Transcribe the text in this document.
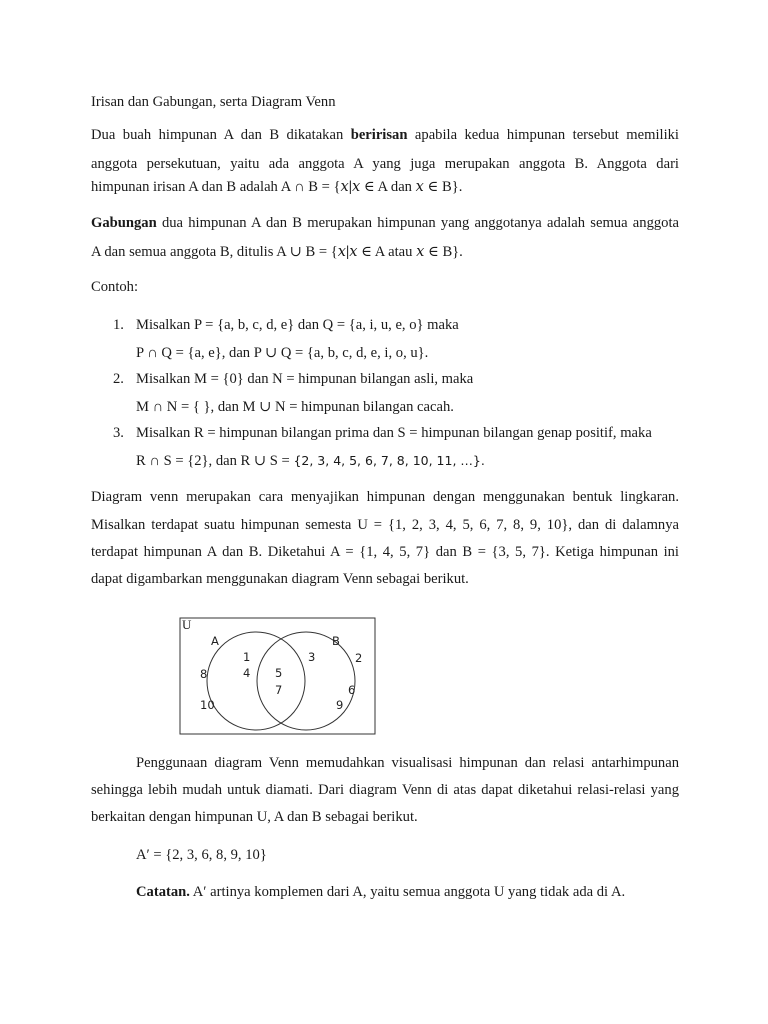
Irisan dan Gabungan, serta Diagram Venn
Dua buah himpunan A dan B dikatakan beririsan apabila kedua himpunan tersebut memiliki
anggota persekutuan, yaitu ada anggota A yang juga merupakan anggota B. Anggota dari
himpunan irisan A dan B adalah A ∩ B = {x|x ∈ A dan x ∈ B}.
Gabungan dua himpunan A dan B merupakan himpunan yang anggotanya adalah semua anggota
A dan semua anggota B, ditulis A ∪ B = {x|x ∈ A atau x ∈ B}.
Contoh:
1. Misalkan P = {a, b, c, d, e} dan Q = {a, i, u, e, o} maka
P ∩ Q = {a, e}, dan P ∪ Q = {a, b, c, d, e, i, o, u}.
2. Misalkan M = {0} dan N = himpunan bilangan asli, maka
M ∩ N = { }, dan M ∪ N = himpunan bilangan cacah.
3. Misalkan R = himpunan bilangan prima dan S = himpunan bilangan genap positif, maka
R ∩ S = {2}, dan R ∪ S = {2, 3, 4, 5, 6, 7, 8, 10, 11, …}.
Diagram venn merupakan cara menyajikan himpunan dengan menggunakan bentuk lingkaran.
Misalkan terdapat suatu himpunan semesta U = {1, 2, 3, 4, 5, 6, 7, 8, 9, 10}, dan di dalamnya
terdapat himpunan A dan B. Diketahui A = {1, 4, 5, 7} dan B = {3, 5, 7}. Ketiga himpunan ini
dapat digambarkan menggunakan diagram Venn sebagai berikut.
U
A	B
1
4 5
7
3
8
2
6
10	9
Penggunaan diagram Venn memudahkan visualisasi himpunan dan relasi antarhimpunan
sehingga lebih mudah untuk diamati. Dari diagram Venn di atas dapat diketahui relasi-relasi yang
berkaitan dengan himpunan U, A dan B sebagai berikut.
A′ = {2, 3, 6, 8, 9, 10}
Catatan. A′ artinya komplemen dari A, yaitu semua anggota U yang tidak ada di A.
